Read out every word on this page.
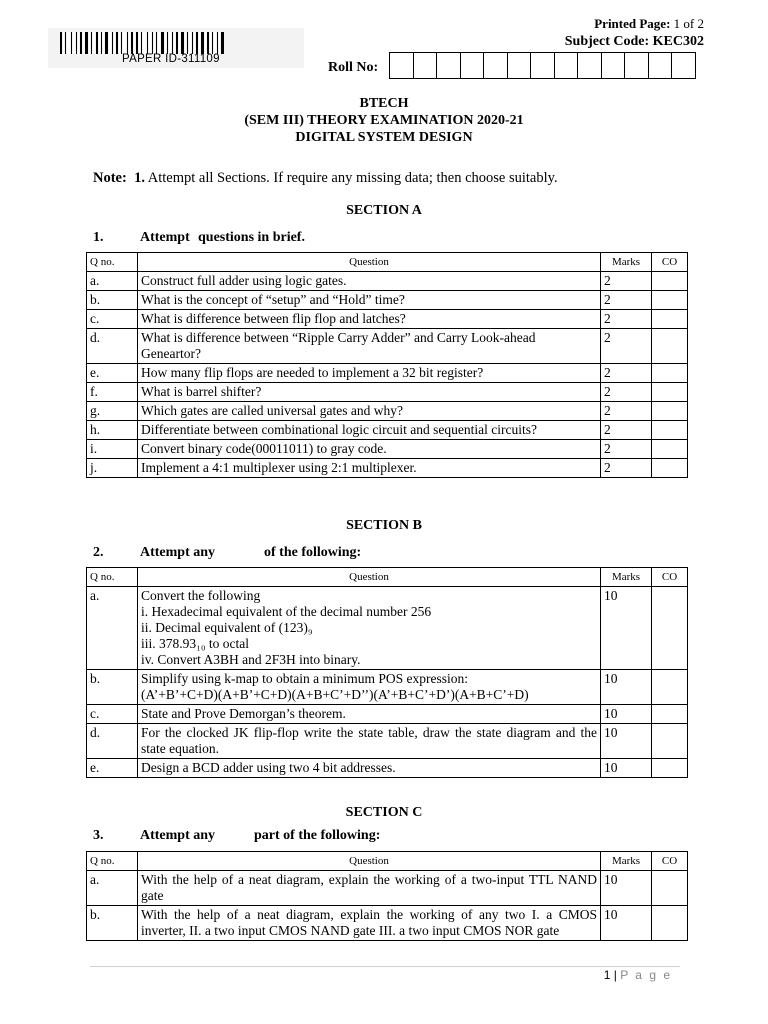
PAPER ID-311109
Printed Page: 1 of 2
Subject Code: KEC302
Roll No:
BTECH
(SEM III) THEORY EXAMINATION 2020-21
DIGITAL SYSTEM DESIGN
Note: 1. Attempt all Sections. If require any missing data; then choose suitably.
SECTION A
1.	Attempt questions in brief.
Q no.	Question	Marks	CO
a.	Construct full adder using logic gates.	2	
b.	What is the concept of “setup” and “Hold” time?	2	
c.	What is difference between flip flop and latches?	2	
d.	What is difference between “Ripple Carry Adder” and Carry Look-ahead Geneartor?	2	
e.	How many flip flops are needed to implement a 32 bit register?	2	
f.	What is barrel shifter?	2	
g.	Which gates are called universal gates and why?	2	
h.	Differentiate between combinational logic circuit and sequential circuits?	2	
i.	Convert binary code(00011011) to gray code.	2	
j.	Implement a 4:1 multiplexer using 2:1 multiplexer.	2	
SECTION B
2.	Attempt any	of the following:
Q no.	Question	Marks	CO
a.	Convert the following
i. Hexadecimal equivalent of the decimal number 256
ii. Decimal equivalent of (123)₉
iii. 378.93₁₀ to octal
iv. Convert A3BH and 2F3H into binary.	10	
b.	Simplify using k-map to obtain a minimum POS expression:
(A’+B’+C+D)(A+B’+C+D)(A+B+C’+D’’)(A’+B+C’+D’)(A+B+C’+D)	10	
c.	State and Prove Demorgan’s theorem.	10	
d.	For the clocked JK flip-flop write the state table, draw the state diagram and the state equation.	10	
e.	Design a BCD adder using two 4 bit addresses.	10	
SECTION C
3.	Attempt any	part of the following:
Q no.	Question	Marks	CO
a.	With the help of a neat diagram, explain the working of a two-input TTL NAND gate	10	
b.	With the help of a neat diagram, explain the working of any two I. a CMOS inverter, II. a two input CMOS NAND gate III. a two input CMOS NOR gate	10	
1 | P a g e
